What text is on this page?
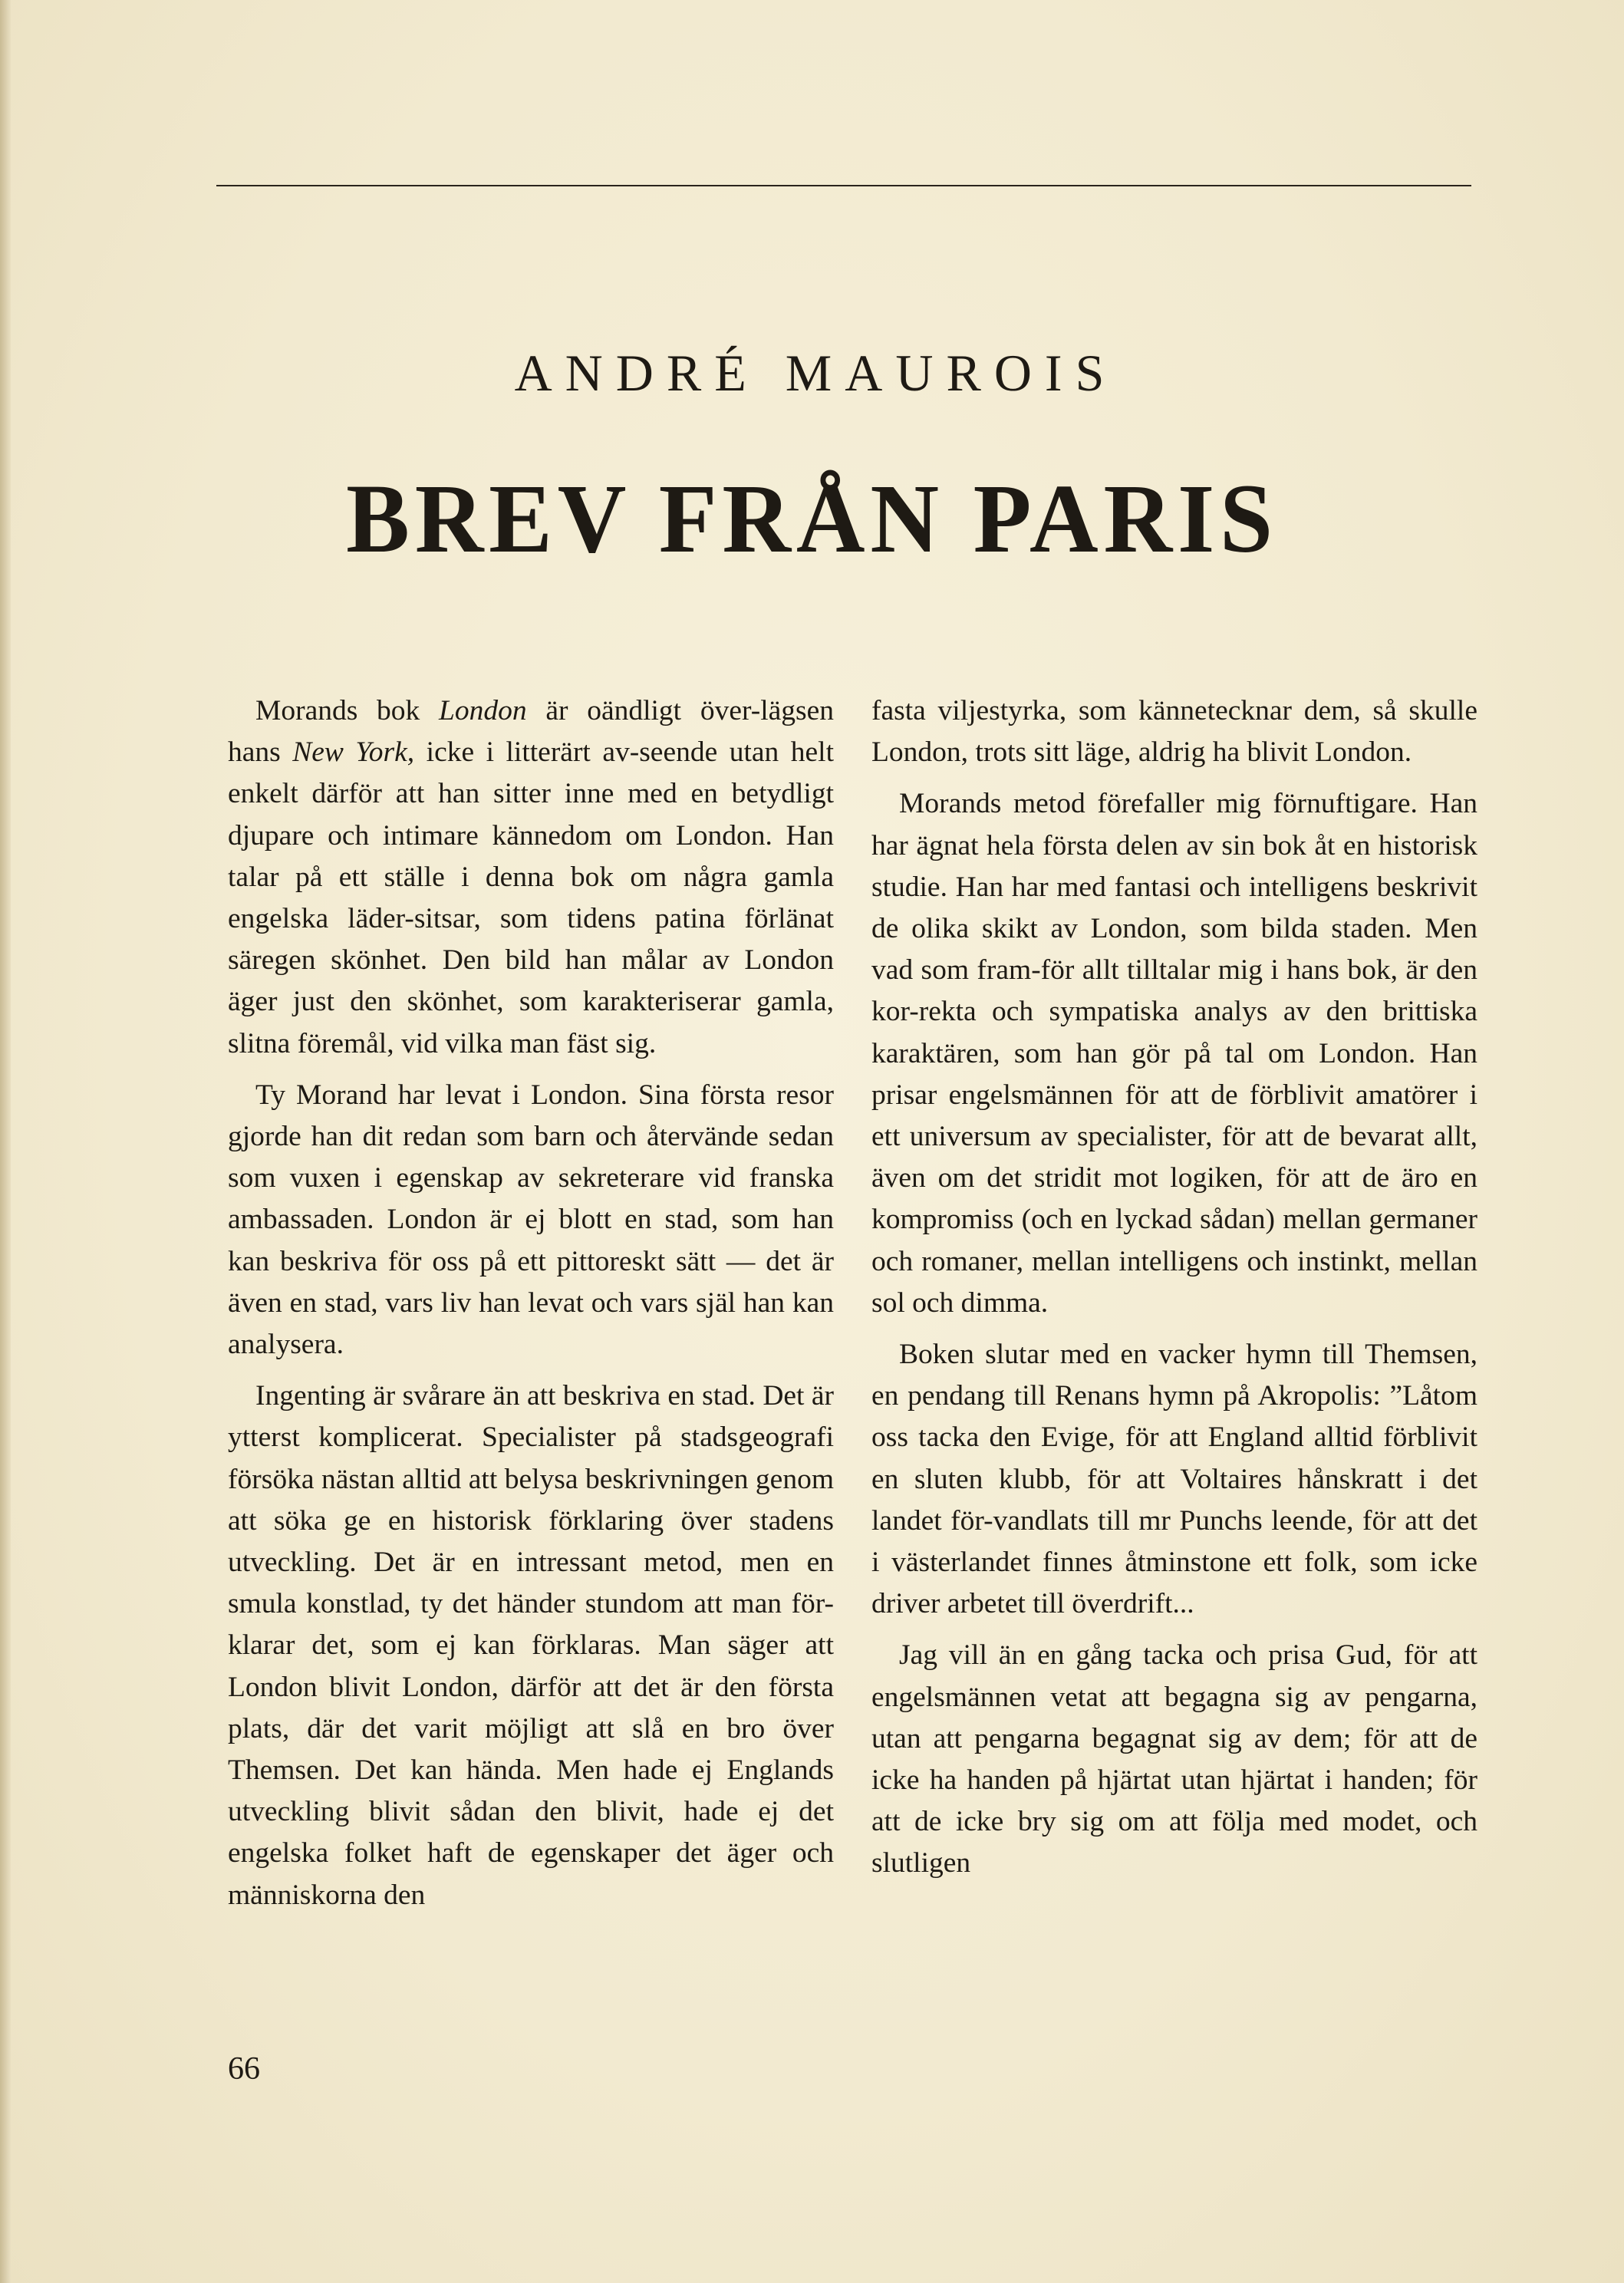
ANDRÉ MAUROIS
BREV FRÅN PARIS

Morands bok London är oändligt över-lägsen hans New York, icke i litterärt av-seende utan helt enkelt därför att han sitter inne med en betydligt djupare och intimare kännedom om London. Han talar på ett ställe i denna bok om några gamla engelska läder-sitsar, som tidens patina förlänat säregen skönhet. Den bild han målar av London äger just den skönhet, som karakteriserar gamla, slitna föremål, vid vilka man fäst sig.

Ty Morand har levat i London. Sina första resor gjorde han dit redan som barn och återvände sedan som vuxen i egenskap av sekreterare vid franska ambassaden. London är ej blott en stad, som han kan beskriva för oss på ett pittoreskt sätt — det är även en stad, vars liv han levat och vars själ han kan analysera.

Ingenting är svårare än att beskriva en stad. Det är ytterst komplicerat. Specialister på stadsgeografi försöka nästan alltid att belysa beskrivningen genom att söka ge en historisk förklaring över stadens utveckling. Det är en intressant metod, men en smula konstlad, ty det händer stundom att man för-klarar det, som ej kan förklaras. Man säger att London blivit London, därför att det är den första plats, där det varit möjligt att slå en bro över Themsen. Det kan hända. Men hade ej Englands utveckling blivit sådan den blivit, hade ej det engelska folket haft de egenskaper det äger och människorna den

fasta viljestyrka, som kännetecknar dem, så skulle London, trots sitt läge, aldrig ha blivit London.

Morands metod förefaller mig förnuftigare. Han har ägnat hela första delen av sin bok åt en historisk studie. Han har med fantasi och intelligens beskrivit de olika skikt av London, som bilda staden. Men vad som fram-för allt tilltalar mig i hans bok, är den kor-rekta och sympatiska analys av den brittiska karaktären, som han gör på tal om London. Han prisar engelsmännen för att de förblivit amatörer i ett universum av specialister, för att de bevarat allt, även om det stridit mot logiken, för att de äro en kompromiss (och en lyckad sådan) mellan germaner och romaner, mellan intelligens och instinkt, mellan sol och dimma.

Boken slutar med en vacker hymn till Themsen, en pendang till Renans hymn på Akropolis: ”Låtom oss tacka den Evige, för att England alltid förblivit en sluten klubb, för att Voltaires hånskratt i det landet för-vandlats till mr Punchs leende, för att det i västerlandet finnes åtminstone ett folk, som icke driver arbetet till överdrift...

Jag vill än en gång tacka och prisa Gud, för att engelsmännen vetat att begagna sig av pengarna, utan att pengarna begagnat sig av dem; för att de icke ha handen på hjärtat utan hjärtat i handen; för att de icke bry sig om att följa med modet, och slutligen

66
